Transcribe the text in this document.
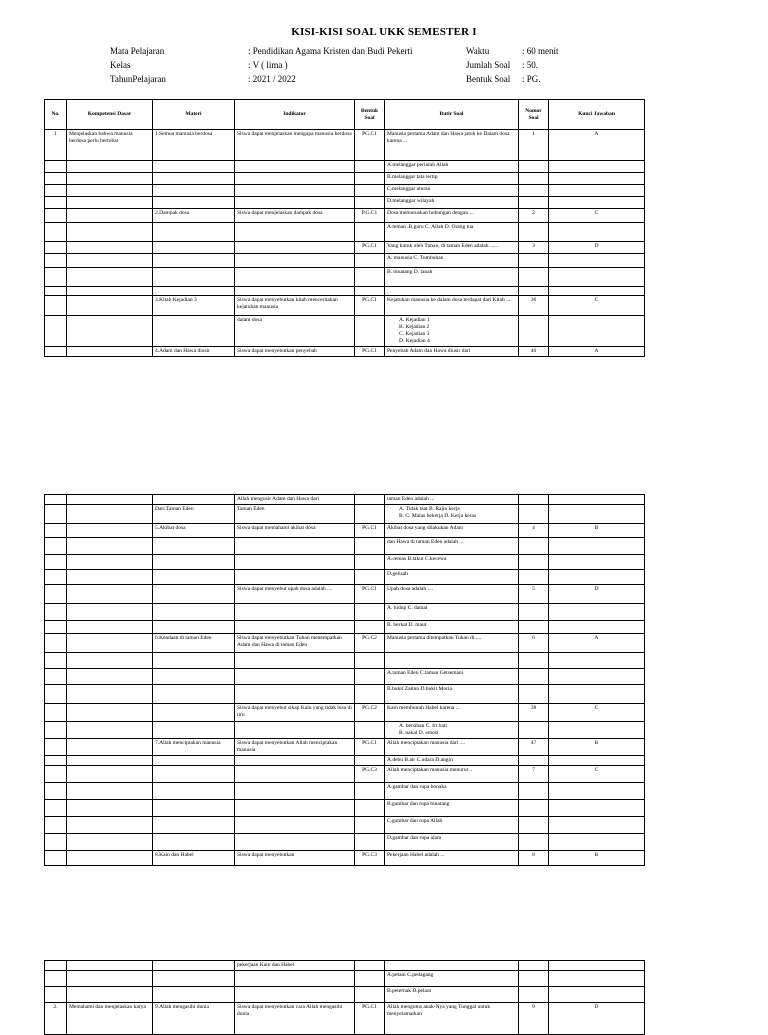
KISI-KISI SOAL UKK SEMESTER I
Mata Pelajaran
Kelas
TahunPelajaran
: Pendidikan Agama Kristen dan Budi Pekerti
: V ( lima )
: 2021 / 2022
Waktu
Jumlah Soal
Bentuk Soal
: 60 menit
: 50.
: PG.
No.	Kompetensi Dasar	Materi	Indikator	Bentuk Soal	Butir Soal	Nomor Soal	Kunci Jawaban
1	Menjelaskan bahwa manusia berdosa perlu bertobat	1.Semua manusia berdosa	Siswa dapat menjelaskan mengapa manusia berdosa	PG.C1	Manusia pertama Adam dan Hawa jatuh ke Dalam dosa karena ...	1	A
					A.melanggar perintah Allah		
					B.melanggar tata tertip		
					C.melanggar aturan		
					D.melanggar wilayah		
		2.Dampak dosa	Siswa dapat menjelaskan dampak dosa	P.G.C1	Dosa memutuskan hubungan dengan ...	2	C
					A.teman .B.guru C. Allah D. Orang tua		
				PG.C1	Yang kutuk oleh Tuhan, di taman Eden adalah ......	3	D
					A. manusia C. Tumbuhan		
					B. binatang D. tanah		

		3.Kitab Kejadian 3	Siswa dapat menyebutkan kitab menceritakan kejatuhan manusia	PG.C1	Kejatuhan manusia ke dalam dosa terdapat dari Kitab ....	36	C
			dalam dosa		A. Kejadian 1
B. Kejadian 2
C. Kejadian 3
D. Kejadian 4		

		4.Adam dan Hawa diusir	Siswa dapat menyebutkan penyebab	PG.C1	Penyebab Adam dan Hawa diusir dari	46	A
			Allah mengusir Adam dan Hawa dari		taman Eden adalah ...		
		Dari Taman Eden	Taman Eden		A. Tidak taat B. Rajin kerja
B. C. Malas bekerja D. Kerja keras		

		5.Akibat dosa	Siswa dapat memahami akibat dosa	PG.C1	Akibat dosa yang dilakukan Adam	4	B
					dan Hawa di taman Eden adalah ...		
					A.cemas B.takut C.kecewa		
					D.gelisah		
			Siswa dapat menyebut upah dosa adalah ....	PG.C1	Upah dosa adalah ....	5	D
					A. hidup C. damai		
					B. berkat D. maut		
		6.Keadaan di taman Eden	Siswa dapat menyebutkan Tuhan menempatkan Adam dan Hawa di taman Eden	PG.C2	Manusia pertama ditempatkan Tuhan di ....	6	A

					A.taman Eden C.taman Getsemani		
					B.bukit Zaitun D.bukit Moria		
			Siswa dapat menyebut sikap Kain yang tidak bisa di tiru	PG.C2	Kain membunuh Habel karena ...	38	C

					A. bersihan C. Iri hati
B. nakal D. emosi		

		7.Allah menciptakan manusia	Siswa dapat menyebutkan Allah menciptakan manusia	PG.C1	Allah menciptakan manusia dari ....	47	B
					A.debu B.air C.udara D.angin		
				PG.C3	Allah menciptakan manusia menurut ..	7	C
					A.gambar dan rupa bonaka		
					B.gambar dan rupa binatang		
					C.gambar dan rupa Allah		
					D.gambar dan rupa alam		
		8.Kain dan Habel	Siswa dapat menyebutkan	PG.C3	Pekerjaan Habel adalah ...	8	B
			pekerjaan Kain dan Habel				
					A.petani C.pedagang		
					B.peternak D.pelaut		
2.	Memahami dan menjelaskan karya	9.Allah mengasihi dunia	Siswa dapat menyebutkan cara Allah mengasihi dunia	PG.C1	Allah mengutus anak-Nya yang Tunggal untuk menyelamatkan	9	D
